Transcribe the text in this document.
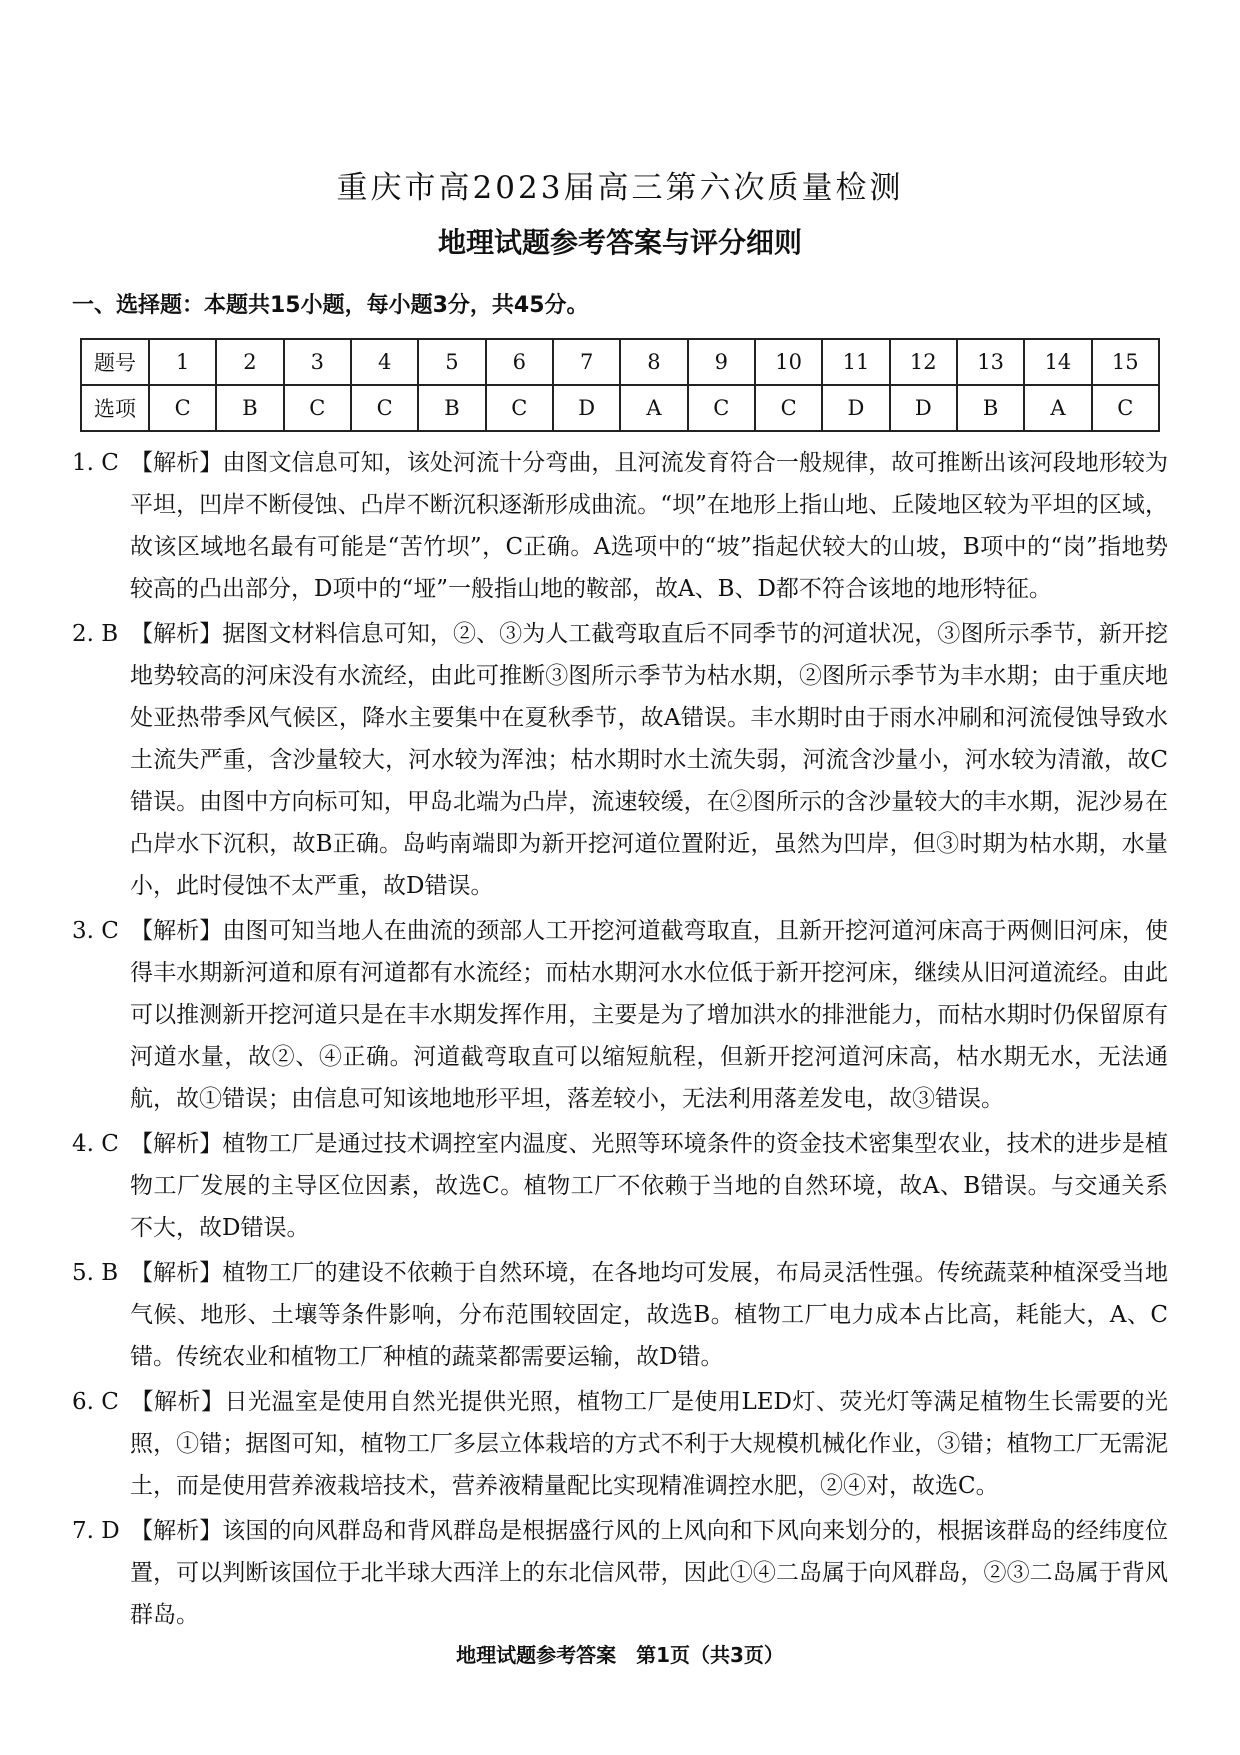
重庆市高2023届高三第六次质量检测
地理试题参考答案与评分细则
一、选择题：本题共15小题，每小题3分，共45分。
题号	1	2	3	4	5	6	7	8	9	10	11	12	13	14	15
选项	C	B	C	C	B	C	D	A	C	C	D	D	B	A	C

1. C 【解析】由图文信息可知，该处河流十分弯曲，且河流发育符合一般规律，故可推断出该河段地形较为平坦，凹岸不断侵蚀、凸岸不断沉积逐渐形成曲流。“坝”在地形上指山地、丘陵地区较为平坦的区域，故该区域地名最有可能是“苦竹坝”，C正确。A选项中的“坡”指起伏较大的山坡，B项中的“岗”指地势较高的凸出部分，D项中的“垭”一般指山地的鞍部，故A、B、D都不符合该地的地形特征。

2. B 【解析】据图文材料信息可知，②、③为人工截弯取直后不同季节的河道状况，③图所示季节，新开挖地势较高的河床没有水流经，由此可推断③图所示季节为枯水期，②图所示季节为丰水期；由于重庆地处亚热带季风气候区，降水主要集中在夏秋季节，故A错误。丰水期时由于雨水冲刷和河流侵蚀导致水土流失严重，含沙量较大，河水较为浑浊；枯水期时水土流失弱，河流含沙量小，河水较为清澈，故C错误。由图中方向标可知，甲岛北端为凸岸，流速较缓，在②图所示的含沙量较大的丰水期，泥沙易在凸岸水下沉积，故B正确。岛屿南端即为新开挖河道位置附近，虽然为凹岸，但③时期为枯水期，水量小，此时侵蚀不太严重，故D错误。

3. C 【解析】由图可知当地人在曲流的颈部人工开挖河道截弯取直，且新开挖河道河床高于两侧旧河床，使得丰水期新河道和原有河道都有水流经；而枯水期河水水位低于新开挖河床，继续从旧河道流经。由此可以推测新开挖河道只是在丰水期发挥作用，主要是为了增加洪水的排泄能力，而枯水期时仍保留原有河道水量，故②、④正确。河道截弯取直可以缩短航程，但新开挖河道河床高，枯水期无水，无法通航，故①错误；由信息可知该地地形平坦，落差较小，无法利用落差发电，故③错误。

4. C 【解析】植物工厂是通过技术调控室内温度、光照等环境条件的资金技术密集型农业，技术的进步是植物工厂发展的主导区位因素，故选C。植物工厂不依赖于当地的自然环境，故A、B错误。与交通关系不大，故D错误。

5. B 【解析】植物工厂的建设不依赖于自然环境，在各地均可发展，布局灵活性强。传统蔬菜种植深受当地气候、地形、土壤等条件影响，分布范围较固定，故选B。植物工厂电力成本占比高，耗能大，A、C错。传统农业和植物工厂种植的蔬菜都需要运输，故D错。

6. C 【解析】日光温室是使用自然光提供光照，植物工厂是使用LED灯、荧光灯等满足植物生长需要的光照，①错；据图可知，植物工厂多层立体栽培的方式不利于大规模机械化作业，③错；植物工厂无需泥土，而是使用营养液栽培技术，营养液精量配比实现精准调控水肥，②④对，故选C。

7. D 【解析】该国的向风群岛和背风群岛是根据盛行风的上风向和下风向来划分的，根据该群岛的经纬度位置，可以判断该国位于北半球大西洋上的东北信风带，因此①④二岛属于向风群岛，②③二岛属于背风群岛。

地理试题参考答案　第1页（共3页）
